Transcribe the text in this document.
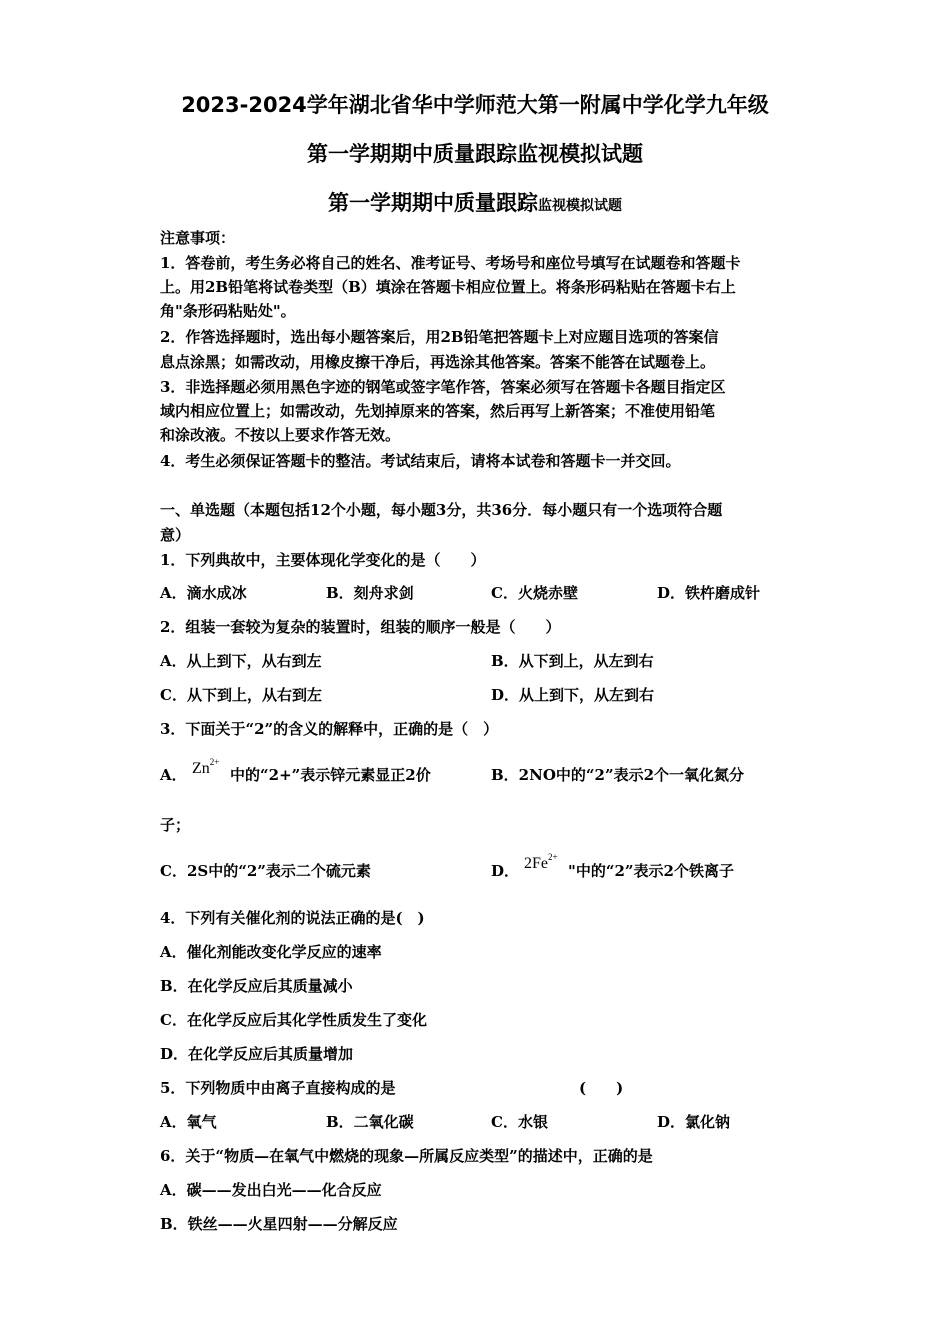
2023-2024学年湖北省华中学师范大第一附属中学化学九年级
第一学期期中质量跟踪监视模拟试题
第一学期期中质量跟踪监视模拟试题
注意事项：
1．答卷前，考生务必将自己的姓名、准考证号、考场号和座位号填写在试题卷和答题卡
上。用2B铅笔将试卷类型（B）填涂在答题卡相应位置上。将条形码粘贴在答题卡右上
角"条形码粘贴处"。
2．作答选择题时，选出每小题答案后，用2B铅笔把答题卡上对应题目选项的答案信
息点涂黑；如需改动，用橡皮擦干净后，再选涂其他答案。答案不能答在试题卷上。
3．非选择题必须用黑色字迹的钢笔或签字笔作答，答案必须写在答题卡各题目指定区
域内相应位置上；如需改动，先划掉原来的答案，然后再写上新答案；不准使用铅笔
和涂改液。不按以上要求作答无效。
4．考生必须保证答题卡的整洁。考试结束后，请将本试卷和答题卡一并交回。
一、单选题（本题包括12个小题，每小题3分，共36分．每小题只有一个选项符合题
意）
1．下列典故中，主要体现化学变化的是（　　）
A．滴水成冰	B．刻舟求剑	C．火烧赤壁	D．铁杵磨成针
2．组装一套较为复杂的装置时，组装的顺序一般是（　　）
A．从上到下，从右到左	B．从下到上，从左到右
C．从下到上，从右到左	D．从上到下，从左到右
3．下面关于“2”的含义的解释中，正确的是（　）
A． $Zn^{2+}$
中的“2+”表示锌元素显正2价	B．2NO中的“2”表示2个一氧化氮分
子；
C．2S中的“2”表示二个硫元素	D． $2Fe^{2+}$
"中的“2”表示2个铁离子
4．下列有关催化剂的说法正确的是(　)
A．催化剂能改变化学反应的速率
B．在化学反应后其质量减小
C．在化学反应后其化学性质发生了变化
D．在化学反应后其质量增加
5．下列物质中由离子直接构成的是	(　　)
A．氧气	B．二氧化碳	C．水银	D．氯化钠
6．关于“物质—在氧气中燃烧的现象—所属反应类型”的描述中，正确的是
A．碳——发出白光——化合反应
B．铁丝——火星四射——分解反应
